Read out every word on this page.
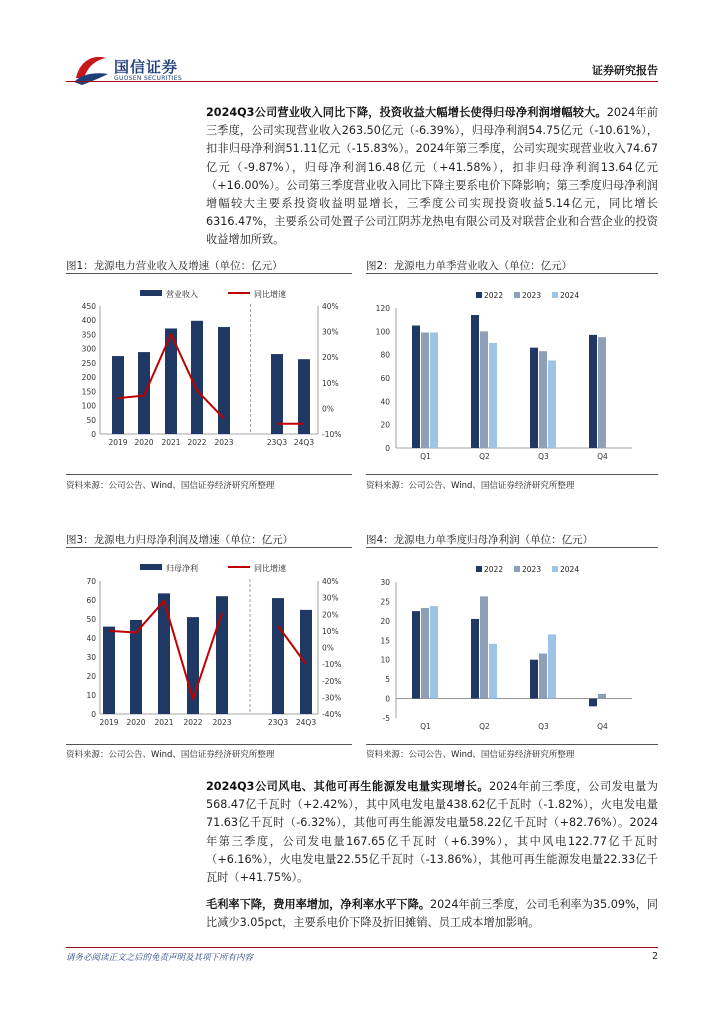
国信证券
GUOSEN SECURITIES
证券研究报告
2024Q3公司营业收入同比下降，投资收益大幅增长使得归母净利润增幅较大。2024年前三季度，公司实现营业收入263.50亿元（-6.39%），归母净利润54.75亿元（-10.61%），扣非归母净利润51.11亿元（-15.83%）。2024年第三季度，公司实现实现营业收入74.67亿元（-9.87%），归母净利润16.48亿元（+41.58%），扣非归母净利润13.64亿元（+16.00%）。公司第三季度营业收入同比下降主要系电价下降影响；第三季度归母净利润增幅较大主要系投资收益明显增长，三季度公司实现投资收益5.14亿元，同比增长6316.47%，主要系公司处置子公司江阴苏龙热电有限公司及对联营企业和合营企业的投资收益增加所致。
图1：龙源电力营业收入及增速（单位：亿元）
营业收入	同比增速
0
50
100
150
200
250
300
350
400
450
-10%
0%
10%
20%
30%
40%
2019 2020 2021 2022 2023	23Q3 24Q3
资料来源：公司公告、Wind、国信证券经济研究所整理
图2：龙源电力单季营业收入（单位：亿元）
2022	2023	2024
0
20
40
60
80
100
120
Q1	Q2	Q3	Q4
资料来源：公司公告、Wind、国信证券经济研究所整理
图3：龙源电力归母净利润及增速（单位：亿元）
归母净利	同比增速
0
10
20
30
40
50
60
70
-40%
-30%
-20%
-10%
0%
10%
20%
30%
40%
2019 2020 2021 2022 2023	23Q3 24Q3
资料来源：公司公告、Wind、国信证券经济研究所整理
图4：龙源电力单季度归母净利润（单位：亿元）
2022	2023	2024
-5
0
5
10
15
20
25
30
Q1	Q2	Q3	Q4
资料来源：公司公告、Wind、国信证券经济研究所整理
2024Q3公司风电、其他可再生能源发电量实现增长。2024年前三季度，公司发电量为568.47亿千瓦时（+2.42%），其中风电发电量438.62亿千瓦时（-1.82%），火电发电量71.63亿千瓦时（-6.32%），其他可再生能源发电量58.22亿千瓦时（+82.76%）。2024年第三季度，公司发电量167.65亿千瓦时（+6.39%），其中风电122.77亿千瓦时（+6.16%），火电发电量22.55亿千瓦时（-13.86%），其他可再生能源发电量22.33亿千瓦时（+41.75%）。
毛利率下降，费用率增加，净利率水平下降。2024年前三季度，公司毛利率为35.09%，同比减少3.05pct，主要系电价下降及折旧摊销、员工成本增加影响。
请务必阅读正文之后的免责声明及其项下所有内容	2
